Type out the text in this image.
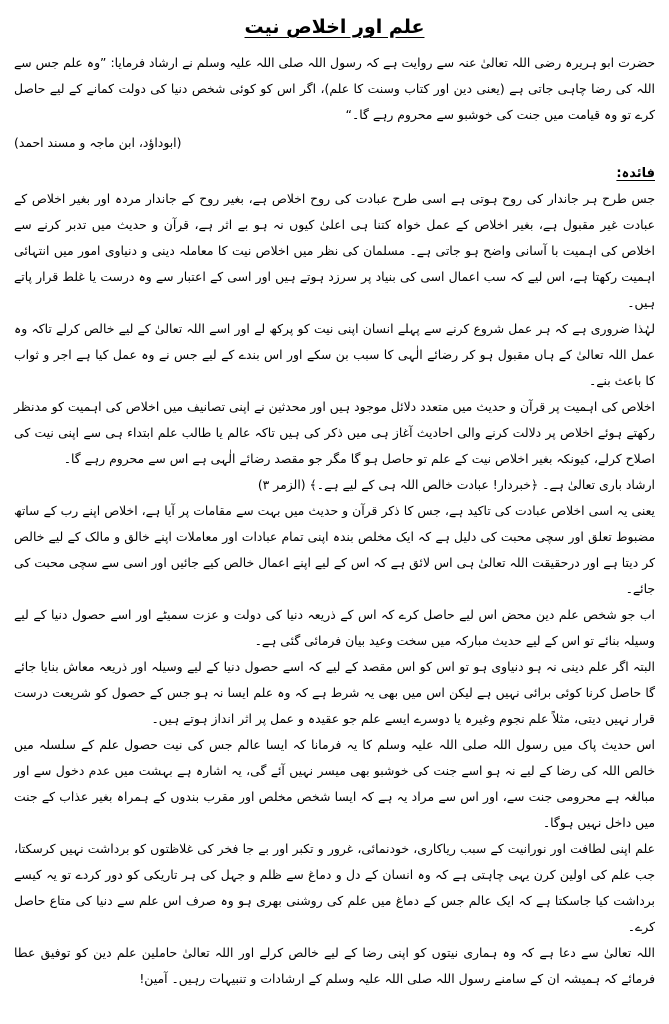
علم اور اخلاص نیت

حضرت ابو ہریرہ رضی اللہ تعالیٰ عنہ سے روایت ہے کہ رسول اللہ صلی اللہ علیہ وسلم نے ارشاد فرمایا: ”وہ علم جس سے اللہ کی رضا چاہی جاتی ہے (یعنی دین اور کتاب وسنت کا علم)، اگر اس کو کوئی شخص دنیا کی دولت کمانے کے لیے حاصل کرے تو وہ قیامت میں جنت کی خوشبو سے محروم رہے گا۔“

(ابوداؤد، ابن ماجہ و مسند احمد)

فائدہ:

جس طرح ہر جاندار کی روح ہوتی ہے اسی طرح عبادت کی روح اخلاص ہے، بغیر روح کے جاندار مردہ اور بغیر اخلاص کے عبادت غیر مقبول ہے، بغیر اخلاص کے عمل خواہ کتنا ہی اعلیٰ کیوں نہ ہو بے اثر ہے، قرآن و حدیث میں تدبر کرنے سے اخلاص کی اہمیت با آسانی واضح ہو جاتی ہے۔ مسلمان کی نظر میں اخلاص نیت کا معاملہ دینی و دنیاوی امور میں انتہائی اہمیت رکھتا ہے، اس لیے کہ سب اعمال اسی کی بنیاد پر سرزد ہوتے ہیں اور اسی کے اعتبار سے وہ درست یا غلط قرار پاتے ہیں۔

لہٰذا ضروری ہے کہ ہر عمل شروع کرنے سے پہلے انسان اپنی نیت کو پرکھ لے اور اسے اللہ تعالیٰ کے لیے خالص کرلے تاکہ وہ عمل اللہ تعالیٰ کے ہاں مقبول ہو کر رضائے الٰہی کا سبب بن سکے اور اس بندے کے لیے جس نے وہ عمل کیا ہے اجر و ثواب کا باعث بنے۔

اخلاص کی اہمیت پر قرآن و حدیث میں متعدد دلائل موجود ہیں اور محدثین نے اپنی تصانیف میں اخلاص کی اہمیت کو مدنظر رکھتے ہوئے اخلاص پر دلالت کرنے والی احادیث آغاز ہی میں ذکر کی ہیں تاکہ عالم یا طالب علم ابتداء ہی سے اپنی نیت کی اصلاح کرلے، کیونکہ بغیر اخلاص نیت کے علم تو حاصل ہو گا مگر جو مقصد رضائے الٰہی ہے اس سے محروم رہے گا۔

ارشاد باری تعالیٰ ہے۔ ﴿خبردار! عبادت خالص اللہ ہی کے لیے ہے۔﴾ (الزمر ۳)

یعنی یہ اسی اخلاص عبادت کی تاکید ہے، جس کا ذکر قرآن و حدیث میں بہت سے مقامات پر آیا ہے، اخلاص اپنے رب کے ساتھ مضبوط تعلق اور سچی محبت کی دلیل ہے کہ ایک مخلص بندہ اپنی تمام عبادات اور معاملات اپنے خالق و مالک کے لیے خالص کر دیتا ہے اور درحقیقت اللہ تعالیٰ ہی اس لائق ہے کہ اس کے لیے اپنے اعمال خالص کیے جائیں اور اسی سے سچی محبت کی جائے۔

اب جو شخص علم دین محض اس لیے حاصل کرے کہ اس کے ذریعہ دنیا کی دولت و عزت سمیٹے اور اسے حصول دنیا کے لیے وسیلہ بنائے تو اس کے لیے حدیث مبارکہ میں سخت وعید بیان فرمائی گئی ہے۔

البتہ اگر علم دینی نہ ہو دنیاوی ہو تو اس کو اس مقصد کے لیے کہ اسے حصول دنیا کے لیے وسیلہ اور ذریعہ معاش بنایا جائے گا حاصل کرنا کوئی برائی نہیں ہے لیکن اس میں بھی یہ شرط ہے کہ وہ علم ایسا نہ ہو جس کے حصول کو شریعت درست قرار نہیں دیتی، مثلاً علم نجوم وغیرہ یا دوسرے ایسے علم جو عقیدہ و عمل پر اثر انداز ہوتے ہیں۔

اس حدیث پاک میں رسول اللہ صلی اللہ علیہ وسلم کا یہ فرمانا کہ ایسا عالم جس کی نیت حصول علم کے سلسلہ میں خالص اللہ کی رضا کے لیے نہ ہو اسے جنت کی خوشبو بھی میسر نہیں آئے گی، یہ اشارہ ہے بہشت میں عدم دخول سے اور مبالغہ ہے محرومی جنت سے، اور اس سے مراد یہ ہے کہ ایسا شخص مخلص اور مقرب بندوں کے ہمراہ بغیر عذاب کے جنت میں داخل نہیں ہوگا۔

علم اپنی لطافت اور نورانیت کے سبب ریاکاری، خودنمائی، غرور و تکبر اور بے جا فخر کی غلاظتوں کو برداشت نہیں کرسکتا، جب علم کی اولین کرن یہی چاہتی ہے کہ وہ انسان کے دل و دماغ سے ظلم و جہل کی ہر تاریکی کو دور کردے تو یہ کیسے برداشت کیا جاسکتا ہے کہ ایک عالم جس کے دماغ میں علم کی روشنی بھری ہو وہ صرف اس علم سے دنیا کی متاع حاصل کرے۔

اللہ تعالیٰ سے دعا ہے کہ وہ ہماری نیتوں کو اپنی رضا کے لیے خالص کرلے اور اللہ تعالیٰ حاملین علم دین کو توفیق عطا فرمائے کہ ہمیشہ ان کے سامنے رسول اللہ صلی اللہ علیہ وسلم کے ارشادات و تنبیہات رہیں۔ آمین!
